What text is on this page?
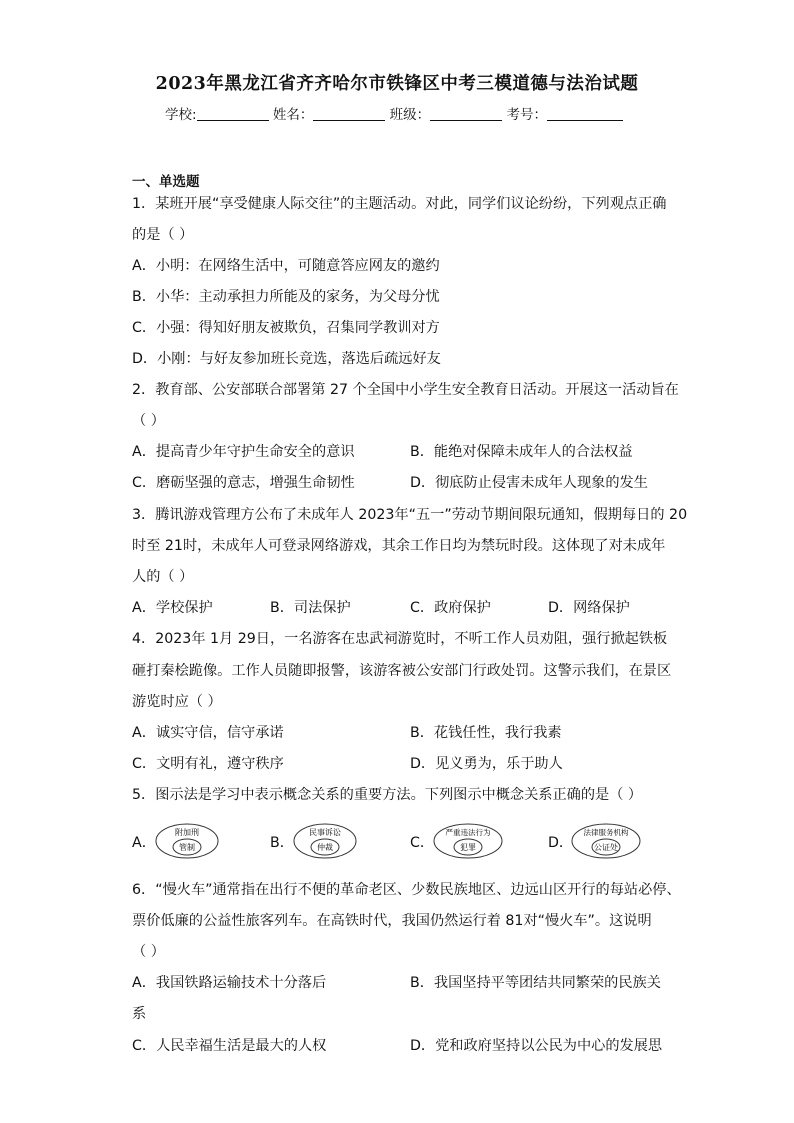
2023年黑龙江省齐齐哈尔市铁锋区中考三模道德与法治试题
学校:	姓名：	班级：	考号：
一、单选题
1．某班开展“享受健康人际交往”的主题活动。对此，同学们议论纷纷，下列观点正确
的是（ ）
A．小明：在网络生活中，可随意答应网友的邀约
B．小华：主动承担力所能及的家务，为父母分忧
C．小强：得知好朋友被欺负，召集同学教训对方
D．小刚：与好友参加班长竞选，落选后疏远好友
2．教育部、公安部联合部署第 27 个全国中小学生安全教育日活动。开展这一活动旨在
（ ）
A．提高青少年守护生命安全的意识	B．能绝对保障未成年人的合法权益
C．磨砺坚强的意志，增强生命韧性	D．彻底防止侵害未成年人现象的发生
3．腾讯游戏管理方公布了未成年人 2023年“五一”劳动节期间限玩通知，假期每日的 20
时至 21时，未成年人可登录网络游戏，其余工作日均为禁玩时段。这体现了对未成年
人的（ ）
A．学校保护	B．司法保护	C．政府保护	D．网络保护
4．2023年 1月 29日，一名游客在忠武祠游览时，不听工作人员劝阻，强行掀起铁板
砸打秦桧跪像。工作人员随即报警，该游客被公安部门行政处罚。这警示我们，在景区
游览时应（ ）
A．诚实守信，信守承诺	B．花钱任性，我行我素
C．文明有礼，遵守秩序	D．见义勇为，乐于助人
5．图示法是学习中表示概念关系的重要方法。下列图示中概念关系正确的是（ ）
A．
附加刑
管制	B．
民事诉讼
仲裁	C．
严重违法行为
犯罪	D．
法律服务机构
公证处
6．“慢火车”通常指在出行不便的革命老区、少数民族地区、边远山区开行的每站必停、
票价低廉的公益性旅客列车。在高铁时代，我国仍然运行着 81对“慢火车”。这说明
（ ）
A．我国铁路运输技术十分落后	B．我国坚持平等团结共同繁荣的民族关
系
C．人民幸福生活是最大的人权	D．党和政府坚持以公民为中心的发展思
